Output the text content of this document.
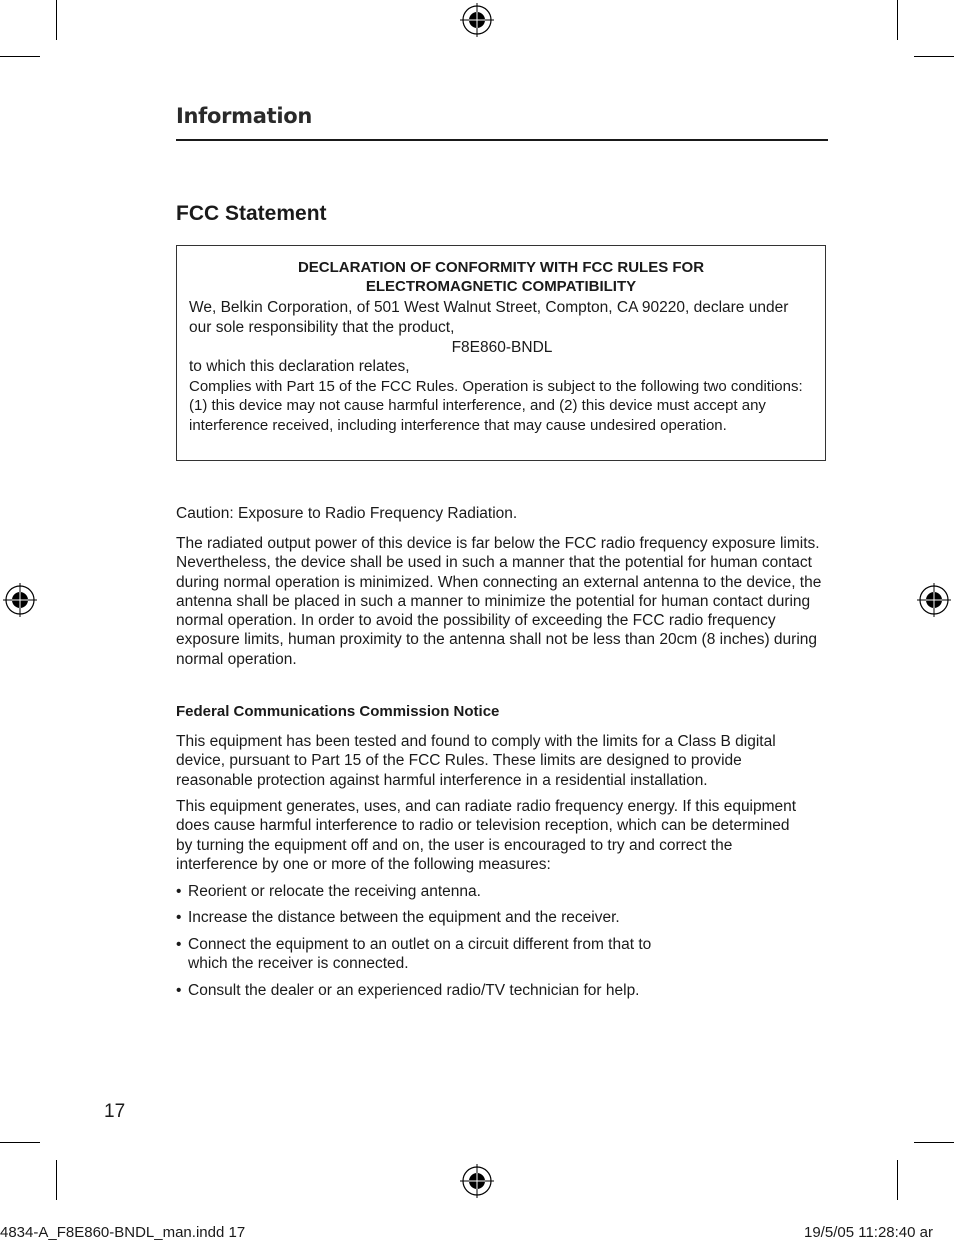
Information
FCC Statement
DECLARATION OF CONFORMITY WITH FCC RULES FOR
ELECTROMAGNETIC COMPATIBILITY
We, Belkin Corporation, of 501 West Walnut Street, Compton, CA 90220, declare under our sole responsibility that the product,
F8E860-BNDL
to which this declaration relates,
Complies with Part 15 of the FCC Rules. Operation is subject to the following two conditions: (1) this device may not cause harmful interference, and (2) this device must accept any interference received, including interference that may cause undesired operation.
Caution: Exposure to Radio Frequency Radiation.
The radiated output power of this device is far below the FCC radio frequency exposure limits. Nevertheless, the device shall be used in such a manner that the potential for human contact during normal operation is minimized. When connecting an external antenna to the device, the antenna shall be placed in such a manner to minimize the potential for human contact during normal operation. In order to avoid the possibility of exceeding the FCC radio frequency exposure limits, human proximity to the antenna shall not be less than 20cm (8 inches) during normal operation.
Federal Communications Commission Notice
This equipment has been tested and found to comply with the limits for a Class B digital device, pursuant to Part 15 of the FCC Rules. These limits are designed to provide reasonable protection against harmful interference in a residential installation.
This equipment generates, uses, and can radiate radio frequency energy. If this equipment does cause harmful interference to radio or television reception, which can be determined by turning the equipment off and on, the user is encouraged to try and correct the interference by one or more of the following measures:
• Reorient or relocate the receiving antenna.
• Increase the distance between the equipment and the receiver.
• Connect the equipment to an outlet on a circuit different from that to
which the receiver is connected.
• Consult the dealer or an experienced radio/TV technician for help.
17
4834-A_F8E860-BNDL_man.indd 17	19/5/05 11:28:40 ar
